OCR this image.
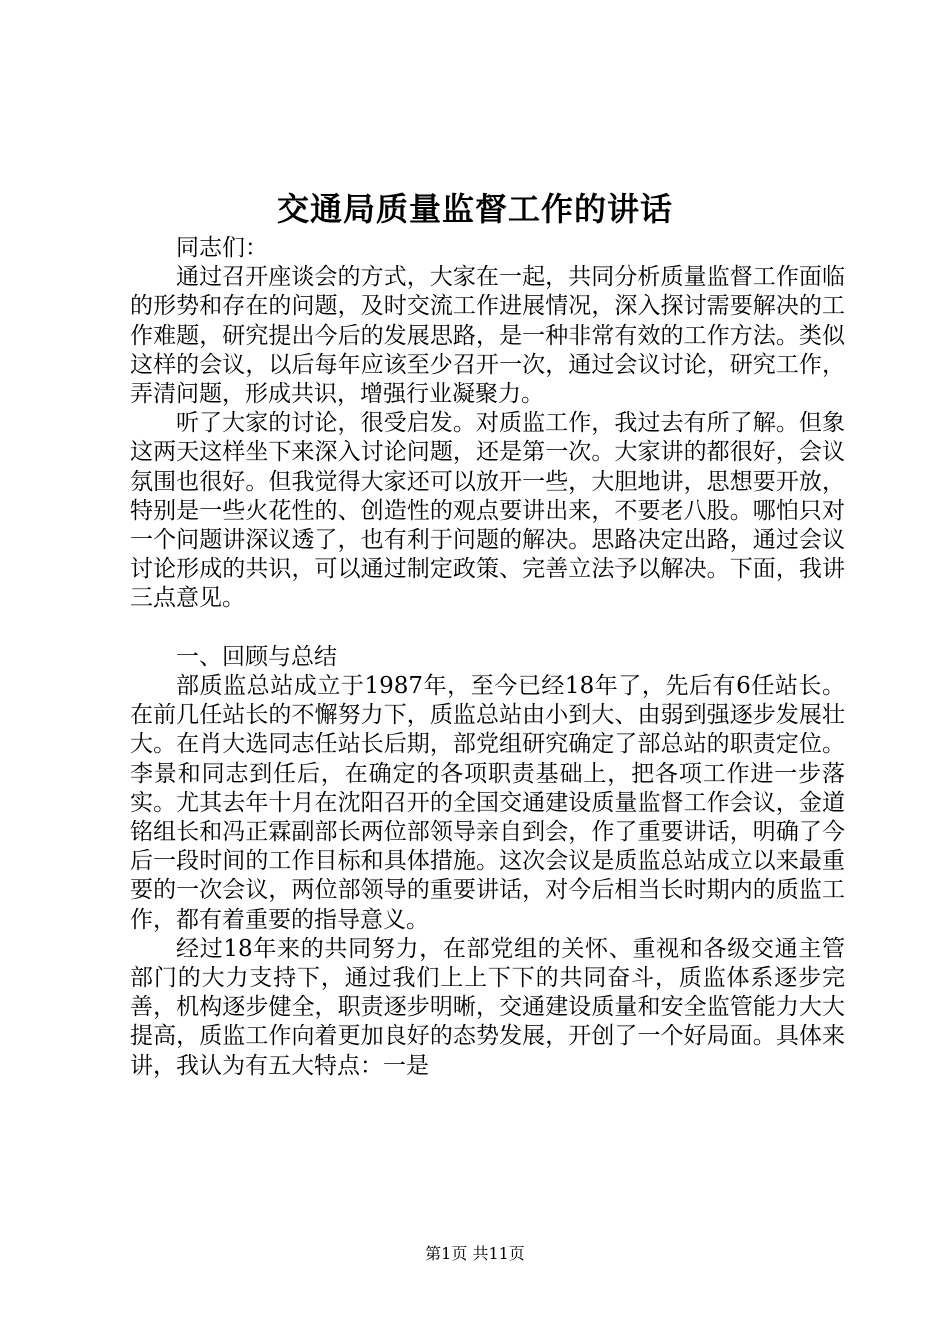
交通局质量监督工作的讲话

同志们：

通过召开座谈会的方式，大家在一起，共同分析质量监督工作面临的形势和存在的问题，及时交流工作进展情况，深入探讨需要解决的工作难题，研究提出今后的发展思路，是一种非常有效的工作方法。类似这样的会议，以后每年应该至少召开一次，通过会议讨论，研究工作，弄清问题，形成共识，增强行业凝聚力。

听了大家的讨论，很受启发。对质监工作，我过去有所了解。但象这两天这样坐下来深入讨论问题，还是第一次。大家讲的都很好，会议氛围也很好。但我觉得大家还可以放开一些，大胆地讲，思想要开放，特别是一些火花性的、创造性的观点要讲出来，不要老八股。哪怕只对一个问题讲深议透了，也有利于问题的解决。思路决定出路，通过会议讨论形成的共识，可以通过制定政策、完善立法予以解决。下面，我讲三点意见。

一、回顾与总结

部质监总站成立于1987年，至今已经18年了，先后有6任站长。在前几任站长的不懈努力下，质监总站由小到大、由弱到强逐步发展壮大。在肖大选同志任站长后期，部党组研究确定了部总站的职责定位。李景和同志到任后，在确定的各项职责基础上，把各项工作进一步落实。尤其去年十月在沈阳召开的全国交通建设质量监督工作会议，金道铭组长和冯正霖副部长两位部领导亲自到会，作了重要讲话，明确了今后一段时间的工作目标和具体措施。这次会议是质监总站成立以来最重要的一次会议，两位部领导的重要讲话，对今后相当长时期内的质监工作，都有着重要的指导意义。

经过18年来的共同努力，在部党组的关怀、重视和各级交通主管部门的大力支持下，通过我们上上下下的共同奋斗，质监体系逐步完善，机构逐步健全，职责逐步明晰，交通建设质量和安全监管能力大大提高，质监工作向着更加良好的态势发展，开创了一个好局面。具体来讲，我认为有五大特点：一是

第1页 共11页
